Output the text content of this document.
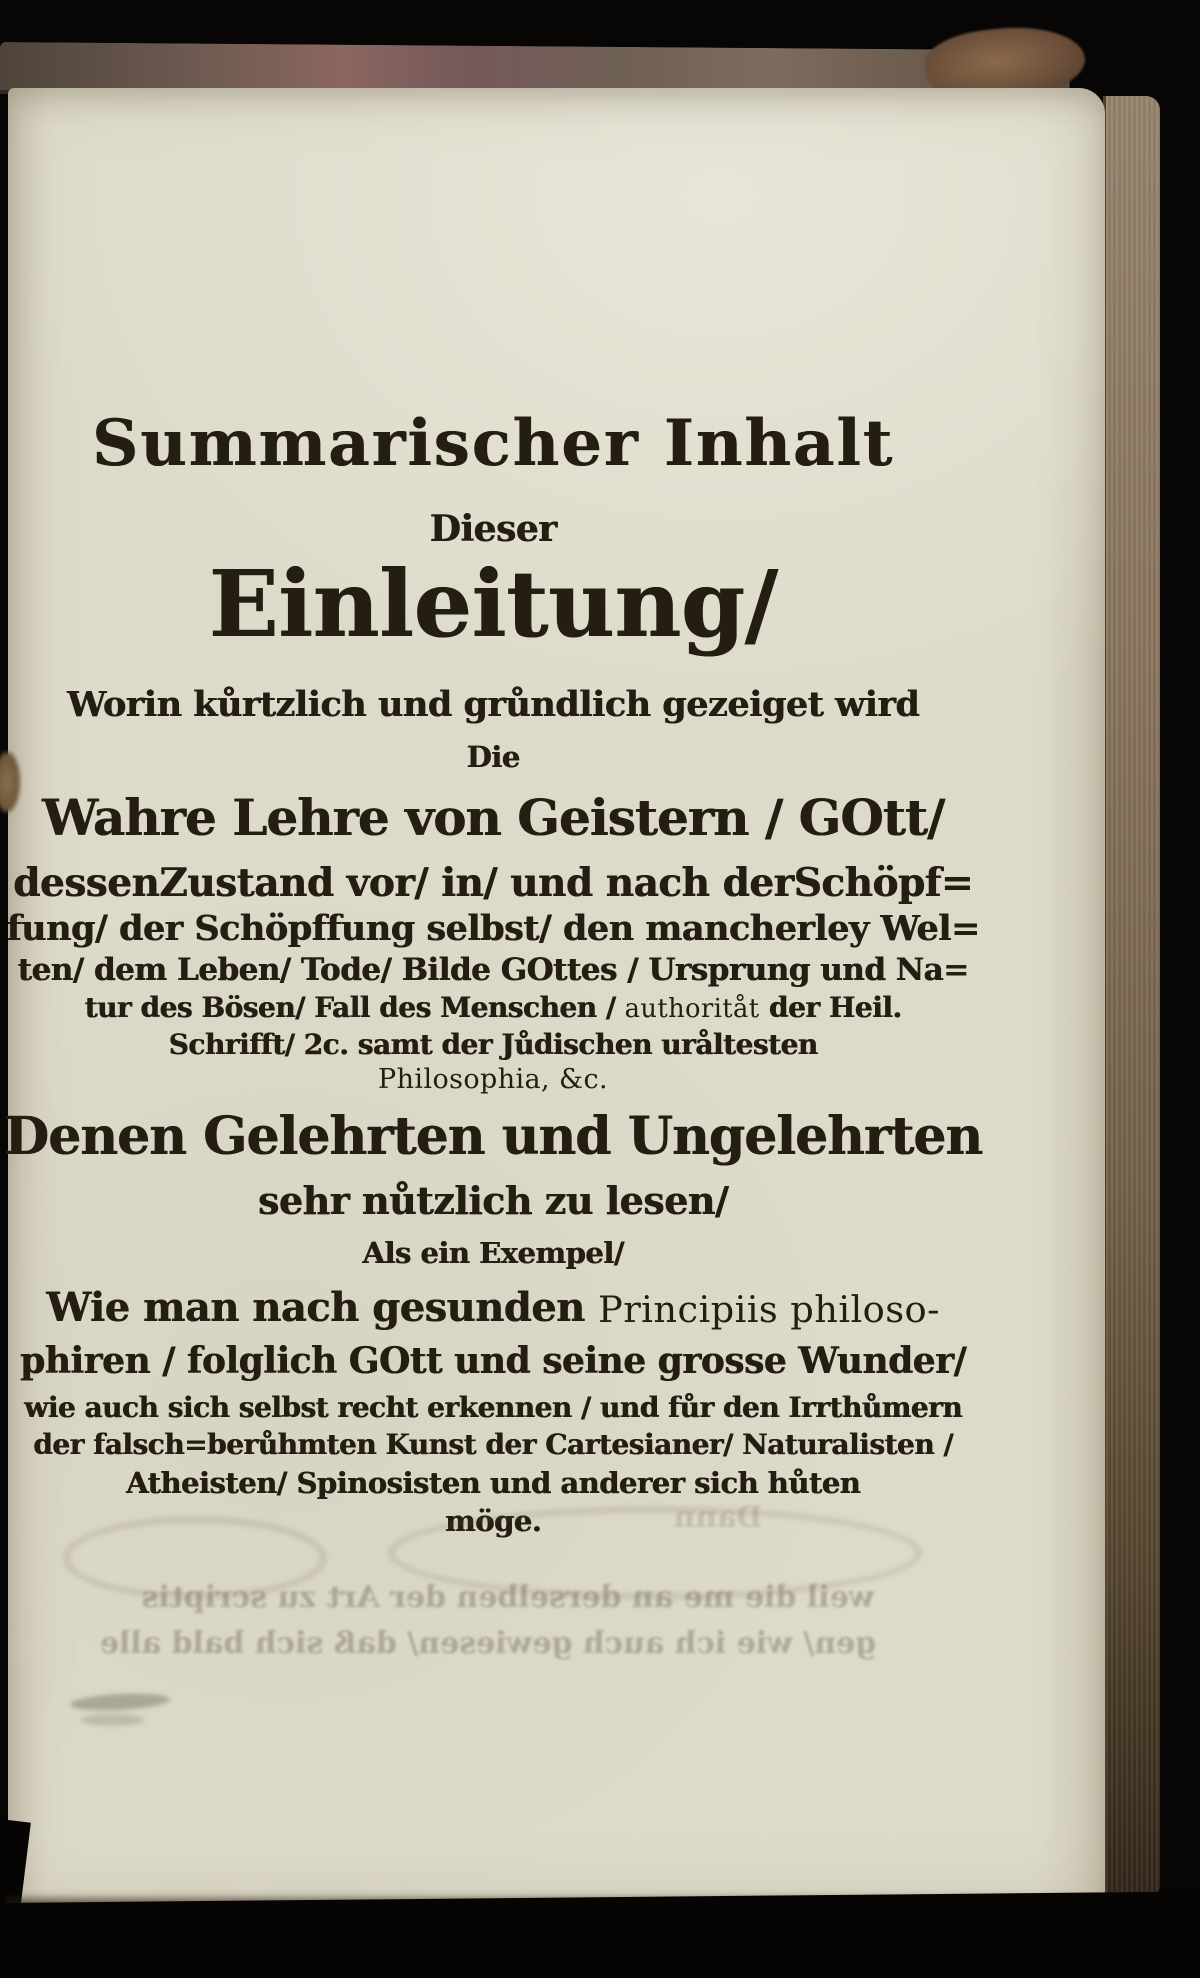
Summarischer Inhalt
Dieser
Einleitung/
Worin kůrtzlich und grůndlich gezeiget wird
Die
Wahre Lehre von Geistern / GOtt/
dessenZustand vor/ in/ und nach derSchöpf=
fung/ der Schöpffung selbst/ den mancherley Wel=
ten/ dem Leben/ Tode/ Bilde GOttes / Ursprung und Na=
tur des Bösen/ Fall des Menschen / authoritåt der Heil.
Schrifft/ 2c. samt der Jůdischen uråltesten
Philosophia, &c.
Denen Gelehrten und Ungelehrten
sehr nůtzlich zu lesen/
Als ein Exempel/
Wie man nach gesunden Principiis philoso-
phiren / folglich GOtt und seine grosse Wunder/
wie auch sich selbst recht erkennen / und fůr den Irrthůmern
der falsch=berůhmten Kunst der Cartesianer/ Naturalisten /
Atheisten/ Spinosisten und anderer sich hůten
möge.	Dann
weil die me an derselben der Art zu scriptis
gen/ wie ich auch gewiesen/ daß sich bald alle
